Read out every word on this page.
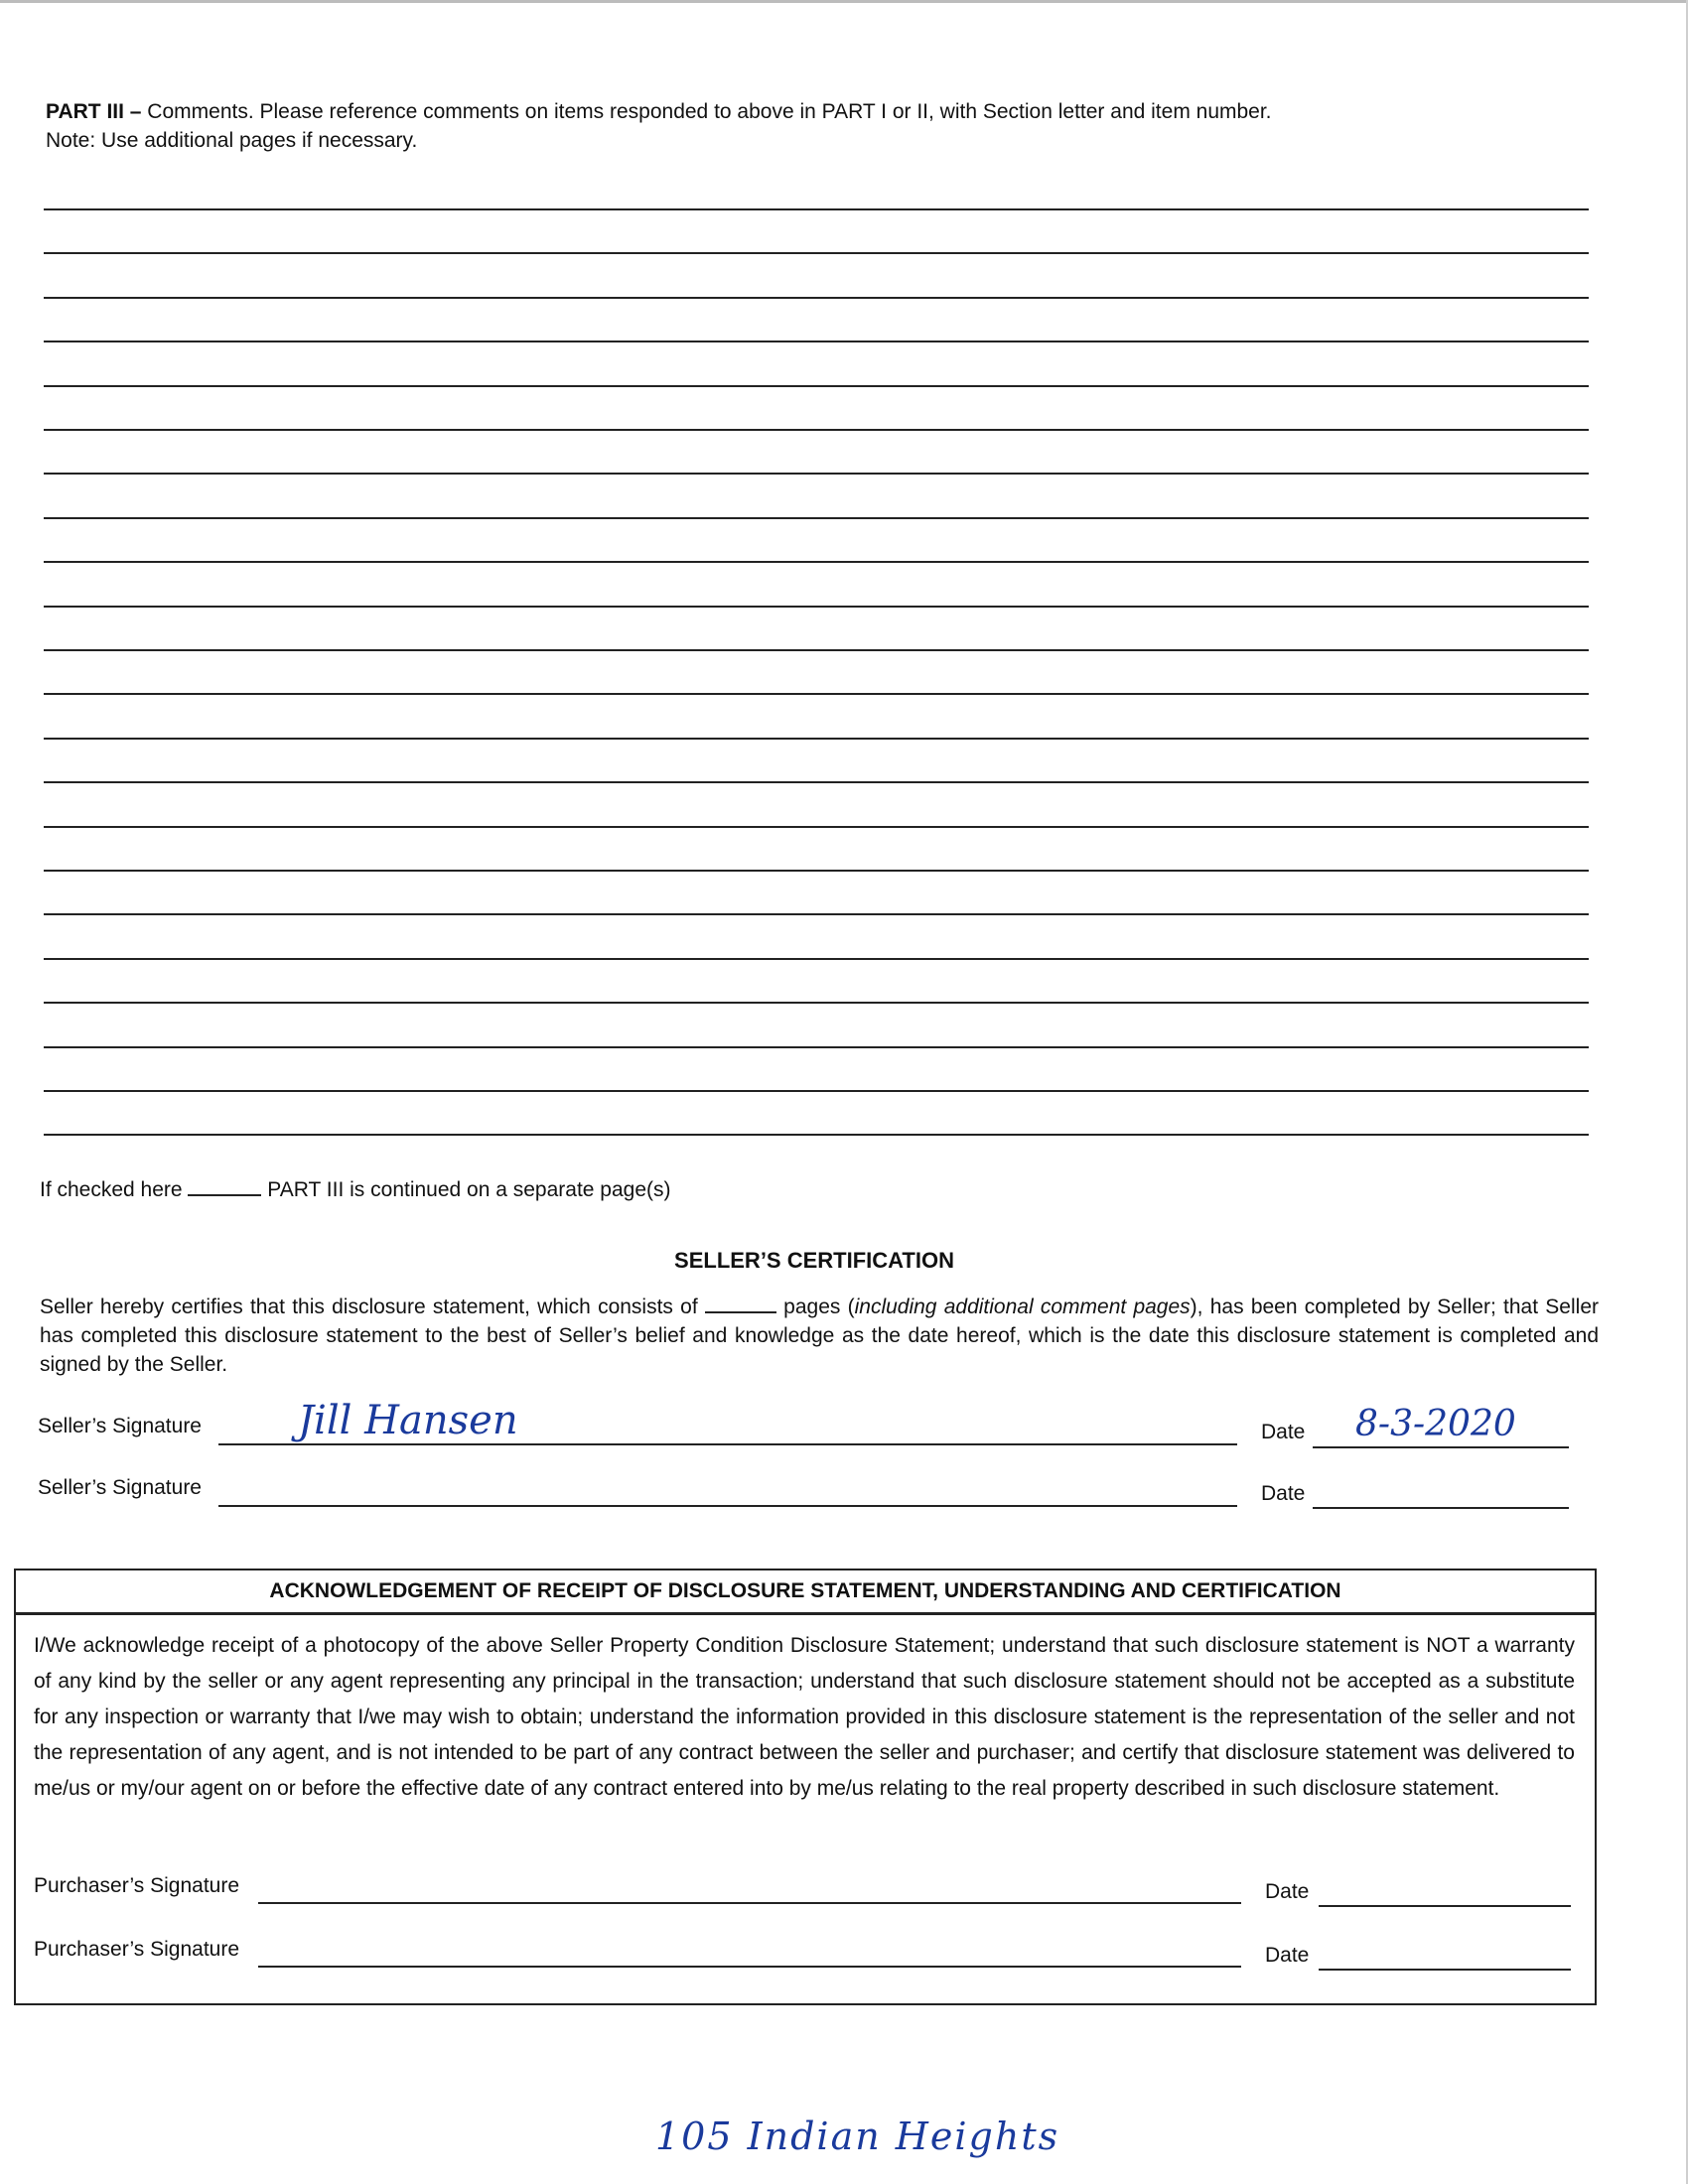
PART III – Comments. Please reference comments on items responded to above in PART I or II, with Section letter and item number.
Note: Use additional pages if necessary.
If checked here	PART III is continued on a separate page(s)
SELLER’S CERTIFICATION
Seller hereby certifies that this disclosure statement, which consists of	pages (including additional comment pages), has been completed by Seller; that Seller has completed this disclosure statement to the best of Seller’s belief and knowledge as the date hereof, which is the date this disclosure statement is completed and signed by the Seller.
Seller’s Signature Jill Hansen	Date 8-3-2020
Seller’s Signature	Date
ACKNOWLEDGEMENT OF RECEIPT OF DISCLOSURE STATEMENT, UNDERSTANDING AND CERTIFICATION
I/We acknowledge receipt of a photocopy of the above Seller Property Condition Disclosure Statement; understand that such disclosure statement is NOT a warranty of any kind by the seller or any agent representing any principal in the transaction; understand that such disclosure statement should not be accepted as a substitute for any inspection or warranty that I/we may wish to obtain; understand the information provided in this disclosure statement is the representation of the seller and not the representation of any agent, and is not intended to be part of any contract between the seller and purchaser; and certify that disclosure statement was delivered to me/us or my/our agent on or before the effective date of any contract entered into by me/us relating to the real property described in such disclosure statement.
Purchaser’s Signature	Date
Purchaser’s Signature	Date
105 Indian Heights
